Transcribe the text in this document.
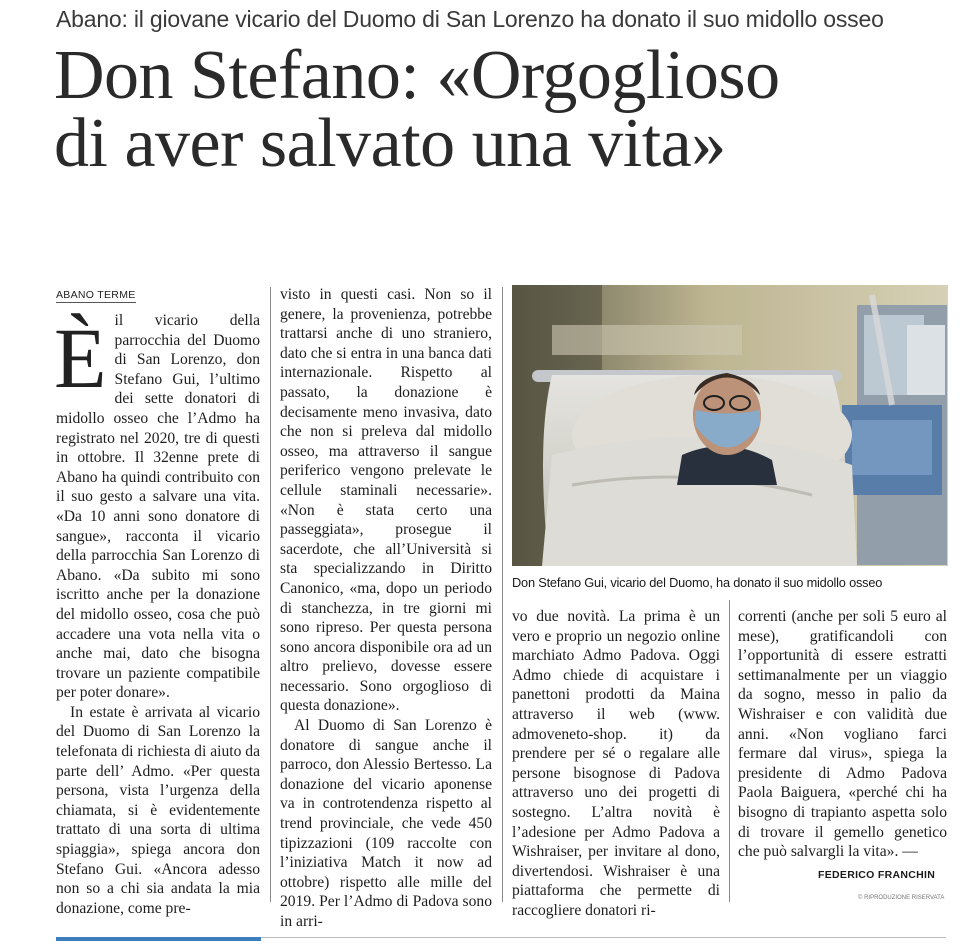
Abano: il giovane vicario del Duomo di San Lorenzo ha donato il suo midollo osseo
Don Stefano: «Orgoglioso
di aver salvato una vita»
ABANO TERME
È il vicario della parrocchia del Duomo di San Lorenzo, don Stefano Gui, l’ultimo dei sette donatori di midollo osseo che l’Admo ha registrato nel 2020, tre di questi in ottobre. Il 32enne prete di Abano ha quindi contribuito con il suo gesto a salvare una vita. «Da 10 anni sono donatore di sangue», racconta il vicario della parrocchia San Lorenzo di Abano. «Da subito mi sono iscritto anche per la donazione del midollo osseo, cosa che può accadere una vota nella vita o anche mai, dato che bisogna trovare un paziente compatibile per poter donare».

In estate è arrivata al vicario del Duomo di San Lorenzo la telefonata di richiesta di aiuto da parte dell’ Admo. «Per questa persona, vista l’urgenza della chiamata, si è evidentemente trattato di una sorta di ultima spiaggia», spiega ancora don Stefano Gui. «Ancora adesso non so a chi sia andata la mia donazione, come pre-

visto in questi casi. Non so il genere, la provenienza, potrebbe trattarsi anche di uno straniero, dato che si entra in una banca dati internazionale. Rispetto al passato, la donazione è decisamente meno invasiva, dato che non si preleva dal midollo osseo, ma attraverso il sangue periferico vengono prelevate le cellule staminali necessarie». «Non è stata certo una passeggiata», prosegue il sacerdote, che all’Università si sta specializzando in Diritto Canonico, «ma, dopo un periodo di stanchezza, in tre giorni mi sono ripreso. Per questa persona sono ancora disponibile ora ad un altro prelievo, dovesse essere necessario. Sono orgoglioso di questa donazione».

Al Duomo di San Lorenzo è donatore di sangue anche il parroco, don Alessio Bertesso. La donazione del vicario aponense va in controtendenza rispetto al trend provinciale, che vede 450 tipizzazioni (109 raccolte con l’iniziativa Match it now ad ottobre) rispetto alle mille del 2019. Per l’Admo di Padova sono in arri-

Don Stefano Gui, vicario del Duomo, ha donato il suo midollo osseo

vo due novità. La prima è un vero e proprio un negozio online marchiato Admo Padova. Oggi Admo chiede di acquistare i panettoni prodotti da Maina attraverso il web (www. admoveneto-shop. it) da prendere per sé o regalare alle persone bisognose di Padova attraverso uno dei progetti di sostegno. L’altra novità è l’adesione per Admo Padova a Wishraiser, per invitare al dono, divertendosi. Wishraiser è una piattaforma che permette di raccogliere donatori ri-

correnti (anche per soli 5 euro al mese), gratificandoli con l’opportunità di essere estratti settimanalmente per un viaggio da sogno, messo in palio da Wishraiser e con validità due anni. «Non vogliano farci fermare dal virus», spiega la presidente di Admo Padova Paola Baiguera, «perché chi ha bisogno di trapianto aspetta solo di trovare il gemello genetico che può salvargli la vita». —

FEDERICO FRANCHIN
© RIPRODUZIONE RISERVATA
